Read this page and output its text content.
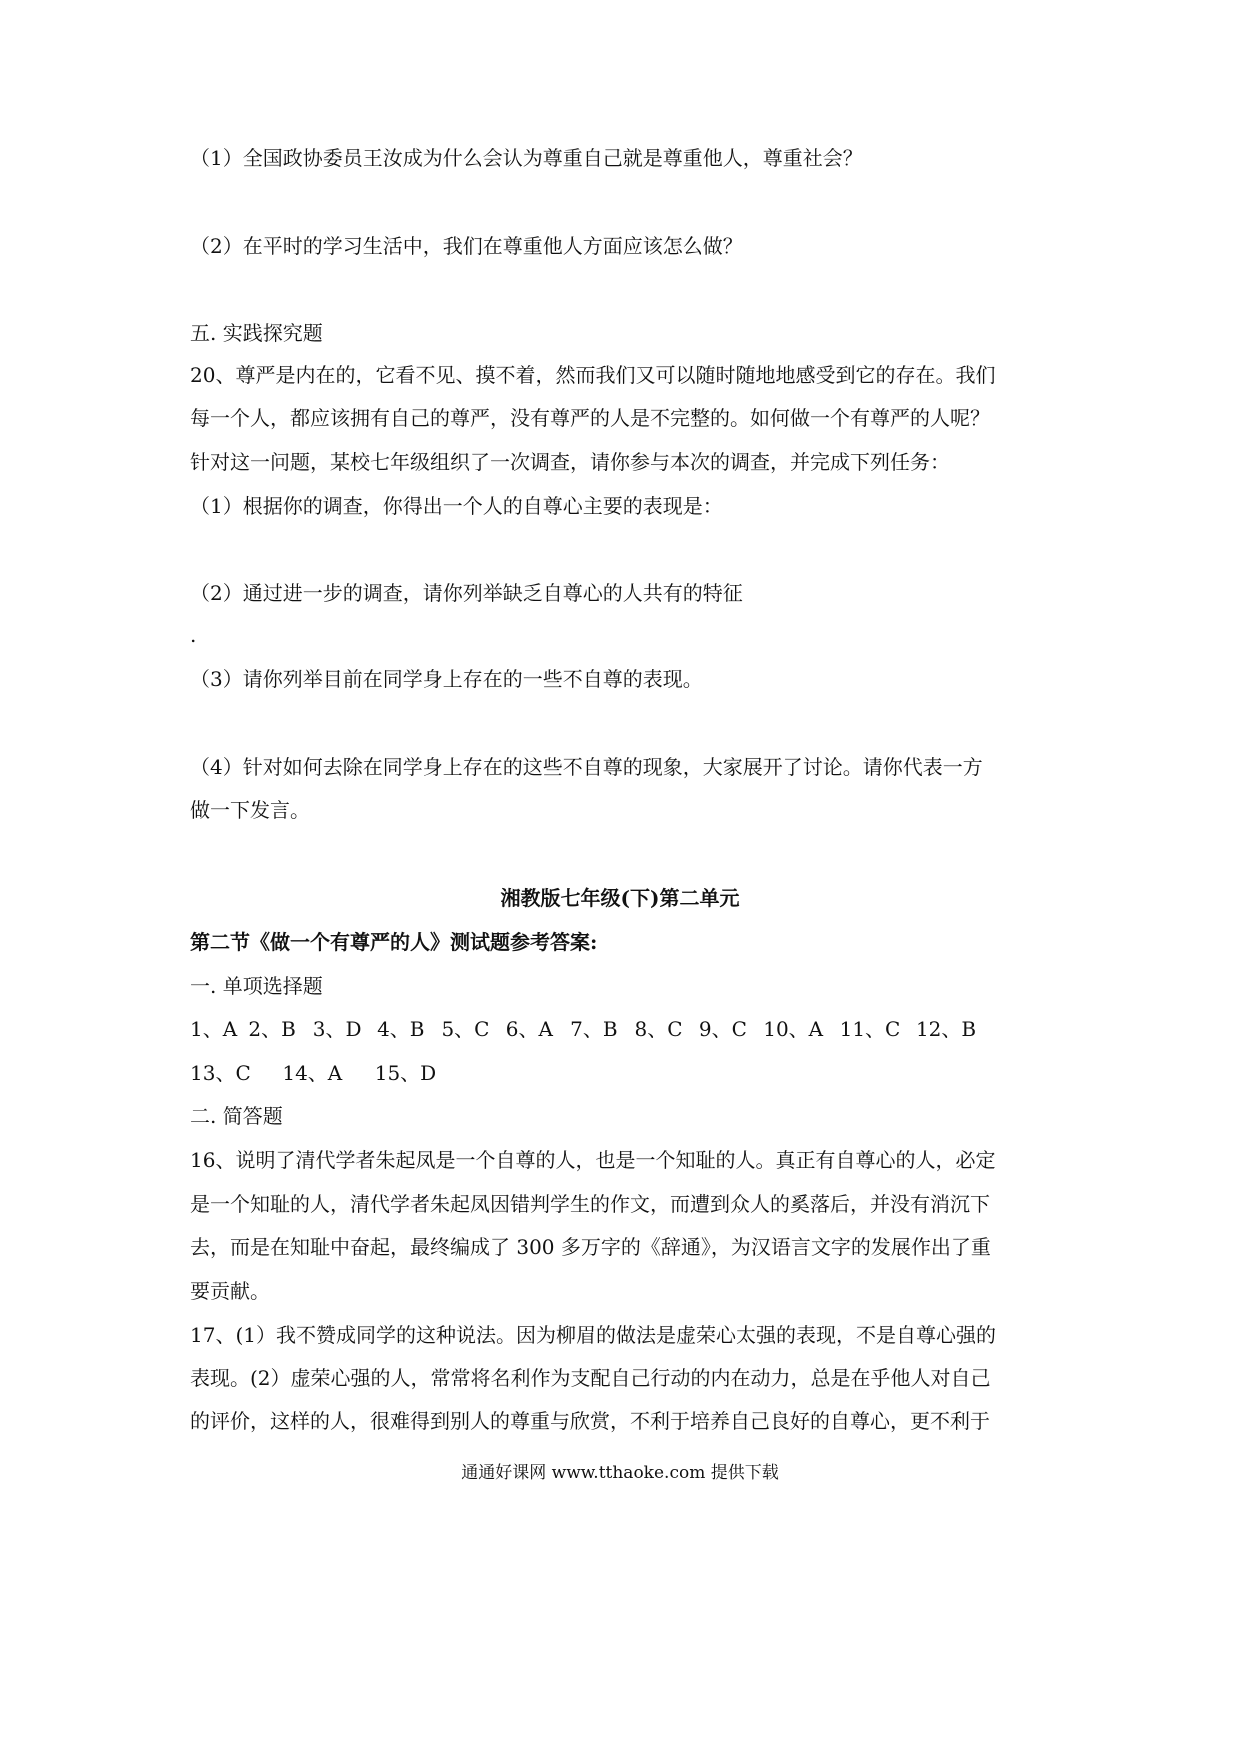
（1）全国政协委员王汝成为什么会认为尊重自己就是尊重他人，尊重社会？
（2）在平时的学习生活中，我们在尊重他人方面应该怎么做？
五. 实践探究题
20、尊严是内在的，它看不见、摸不着，然而我们又可以随时随地地感受到它的存在。我们
每一个人，都应该拥有自己的尊严，没有尊严的人是不完整的。如何做一个有尊严的人呢？
针对这一问题，某校七年级组织了一次调查，请你参与本次的调查，并完成下列任务：
（1）根据你的调查，你得出一个人的自尊心主要的表现是：
（2）通过进一步的调查，请你列举缺乏自尊心的人共有的特征
.
（3）请你列举目前在同学身上存在的一些不自尊的表现。
（4）针对如何去除在同学身上存在的这些不自尊的现象，大家展开了讨论。请你代表一方
做一下发言。
湘教版七年级(下)第二单元
第二节《做一个有尊严的人》测试题参考答案:
一. 单项选择题
1、A 2、B 3、D 4、B 5、C 6、A 7、B 8、C 9、C 10、A 11、C 12、B
13、C 14、A 15、D
二. 简答题
16、说明了清代学者朱起凤是一个自尊的人，也是一个知耻的人。真正有自尊心的人，必定
是一个知耻的人，清代学者朱起凤因错判学生的作文，而遭到众人的奚落后，并没有消沉下
去，而是在知耻中奋起，最终编成了 300 多万字的《辞通》，为汉语言文字的发展作出了重
要贡献。
17、(1）我不赞成同学的这种说法。因为柳眉的做法是虚荣心太强的表现，不是自尊心强的
表现。(2）虚荣心强的人，常常将名利作为支配自己行动的内在动力，总是在乎他人对自己
的评价，这样的人，很难得到别人的尊重与欣赏，不利于培养自己良好的自尊心，更不利于
通通好课网 www.tthaoke.com 提供下载
